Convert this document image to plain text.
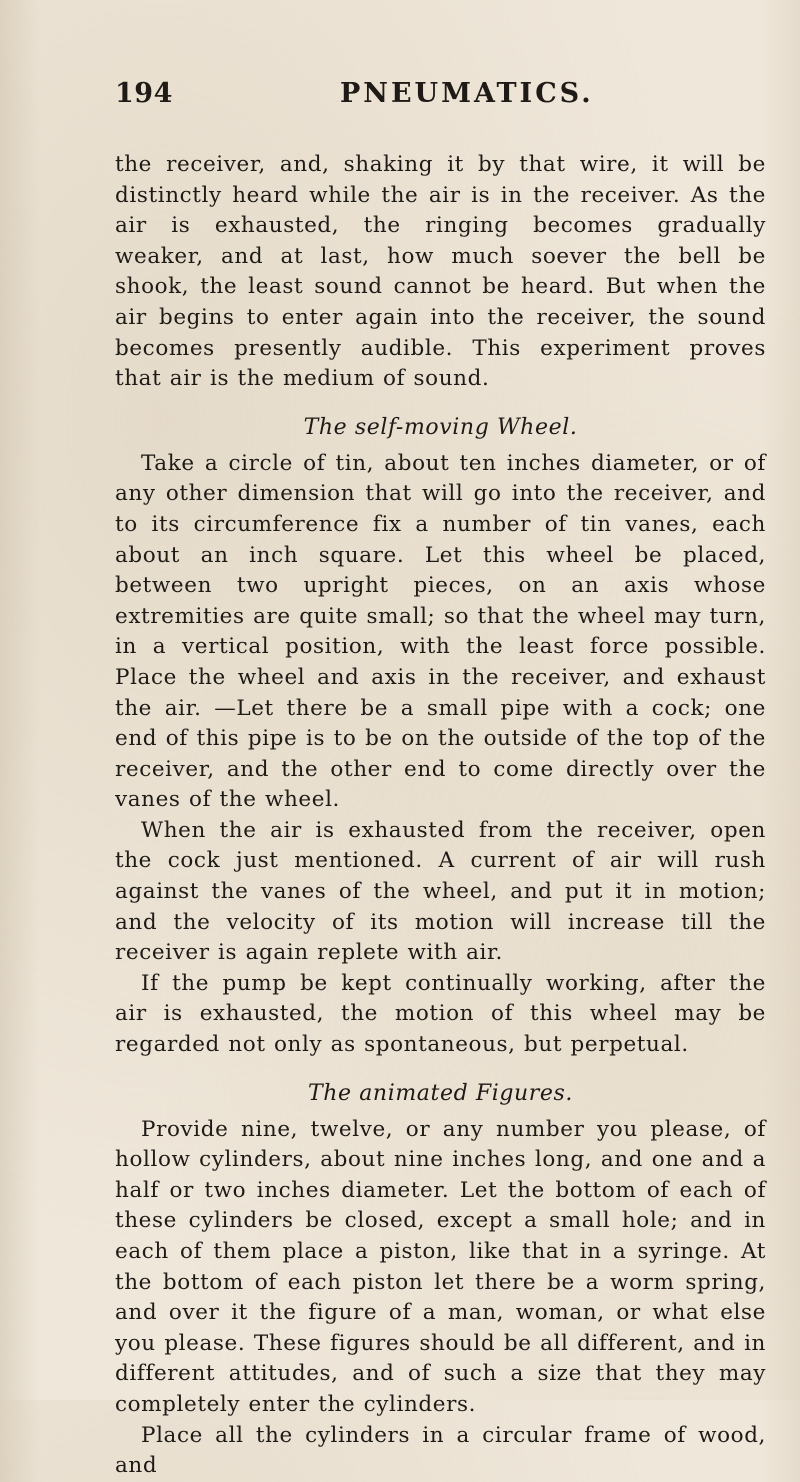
194	PNEUMATICS.

the receiver, and, shaking it by that wire, it will be distinctly heard while the air is in the receiver. As the air is exhausted, the ringing becomes gradually weaker, and at last, how much soever the bell be shook, the least sound cannot be heard. But when the air begins to enter again into the receiver, the sound becomes presently audible. This experiment proves that air is the medium of sound.

The self-moving Wheel.

Take a circle of tin, about ten inches diameter, or of any other dimension that will go into the receiver, and to its circumference fix a number of tin vanes, each about an inch square. Let this wheel be placed, between two upright pieces, on an axis whose extremities are quite small; so that the wheel may turn, in a vertical position, with the least force possible. Place the wheel and axis in the receiver, and exhaust the air. —Let there be a small pipe with a cock; one end of this pipe is to be on the outside of the top of the receiver, and the other end to come directly over the vanes of the wheel.

When the air is exhausted from the receiver, open the cock just mentioned. A current of air will rush against the vanes of the wheel, and put it in motion; and the velocity of its motion will increase till the receiver is again replete with air.

If the pump be kept continually working, after the air is exhausted, the motion of this wheel may be regarded not only as spontaneous, but perpetual.

The animated Figures.

Provide nine, twelve, or any number you please, of hollow cylinders, about nine inches long, and one and a half or two inches diameter. Let the bottom of each of these cylinders be closed, except a small hole; and in each of them place a piston, like that in a syringe. At the bottom of each piston let there be a worm spring, and over it the figure of a man, woman, or what else you please. These figures should be all different, and in different attitudes, and of such a size that they may completely enter the cylinders.

Place all the cylinders in a circular frame of wood, and
